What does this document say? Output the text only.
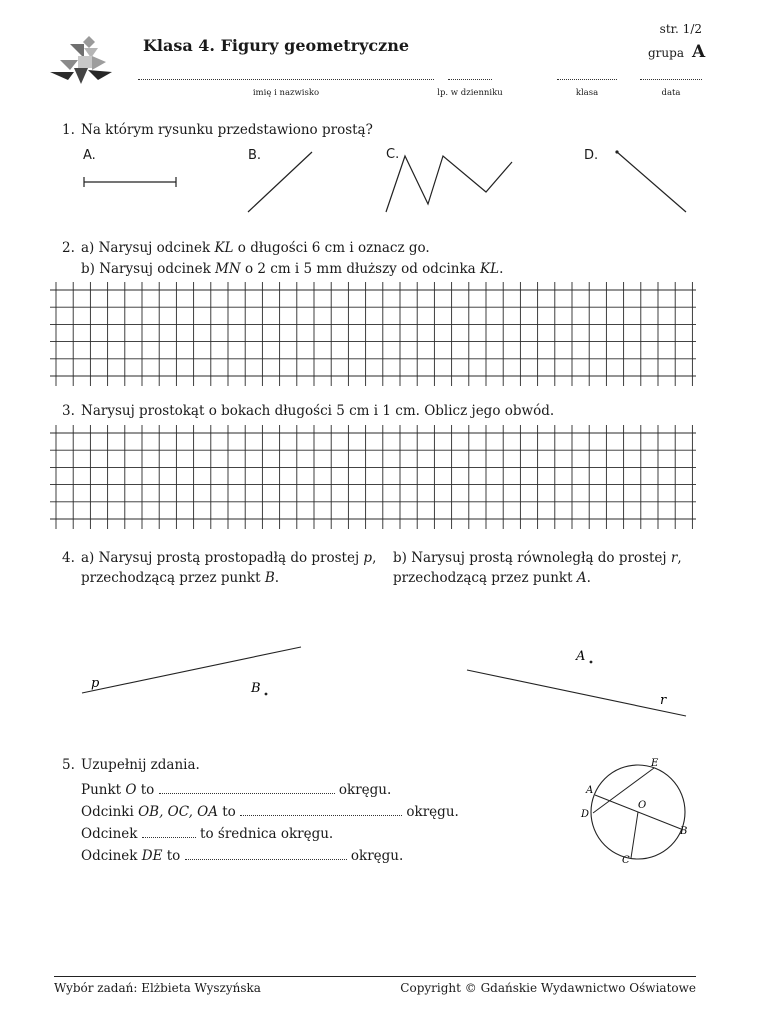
Klasa 4. Figury geometryczne
str. 1/2
grupa A
imię i nazwisko	lp. w dzienniku	klasa	data
1. Na którym rysunku przedstawiono prostą?
A.	B.	C.	D.
2. a) Narysuj odcinek KL o długości 6 cm i oznacz go.
b) Narysuj odcinek MN o 2 cm i 5 mm dłuższy od odcinka KL.
3. Narysuj prostokąt o bokach długości 5 cm i 1 cm. Oblicz jego obwód.
4. a) Narysuj prostą prostopadłą do prostej p,
przechodzącą przez punkt B.
b) Narysuj prostą równoległą do prostej r,
przechodzącą przez punkt A.
p	B
r
A
5. Uzupełnij zdania.
Punkt O to	okręgu.
Odcinki OB, OC, OA to	okręgu.
Odcinek	to średnica okręgu.
Odcinek DE to	okręgu.
E
A
O
D
B
C
Wybór zadań: Elżbieta Wyszyńska	Copyright © Gdańskie Wydawnictwo Oświatowe
